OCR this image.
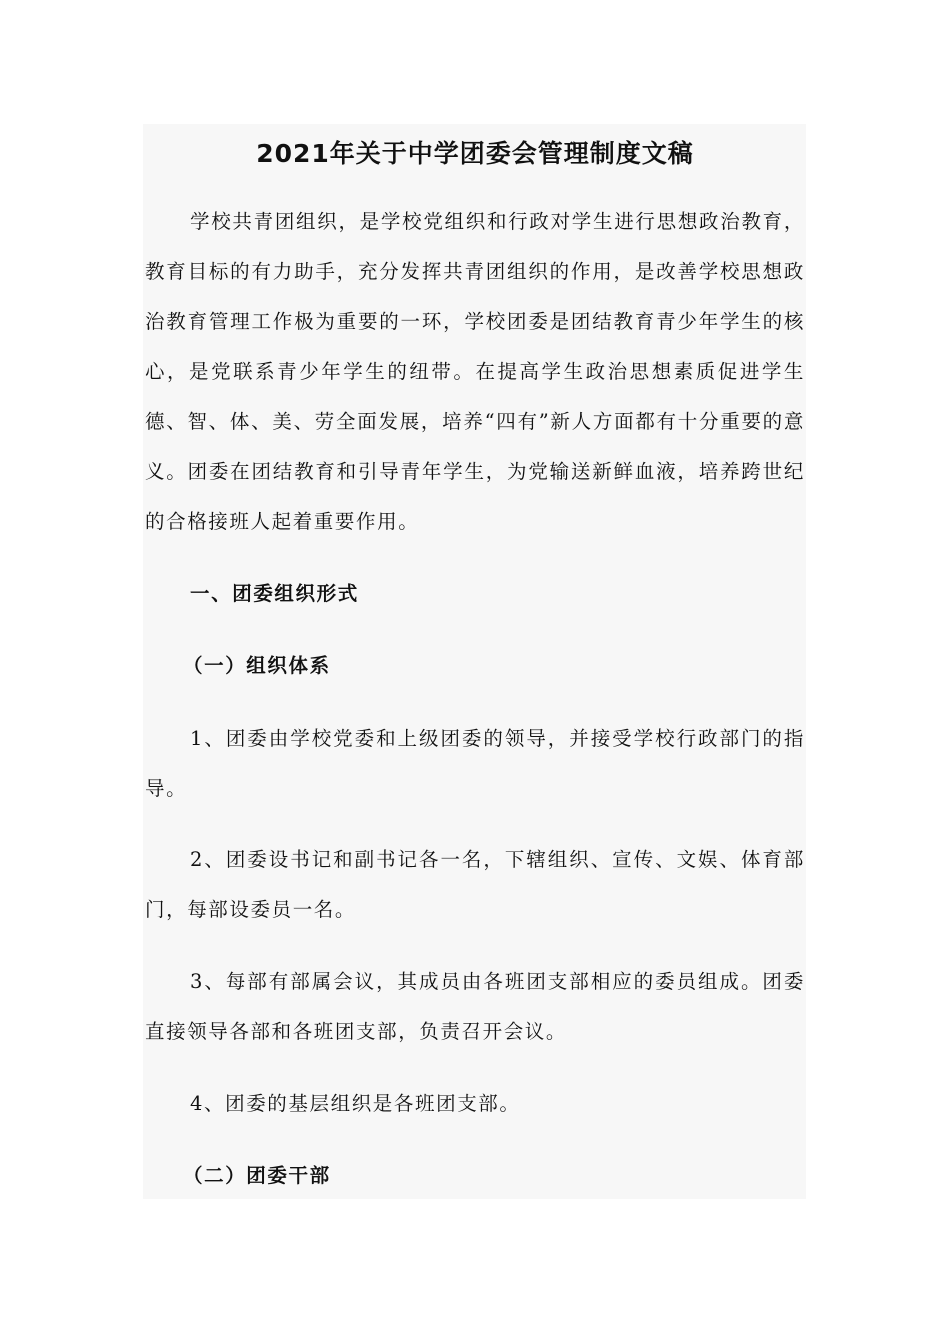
2021年关于中学团委会管理制度文稿

学校共青团组织，是学校党组织和行政对学生进行思想政治教育，教育目标的有力助手，充分发挥共青团组织的作用，是改善学校思想政治教育管理工作极为重要的一环，学校团委是团结教育青少年学生的核心，是党联系青少年学生的纽带。在提高学生政治思想素质促进学生德、智、体、美、劳全面发展，培养“四有”新人方面都有十分重要的意义。团委在团结教育和引导青年学生，为党输送新鲜血液，培养跨世纪的合格接班人起着重要作用。

一、团委组织形式
（一）组织体系

1、团委由学校党委和上级团委的领导，并接受学校行政部门的指导。

2、团委设书记和副书记各一名，下辖组织、宣传、文娱、体育部门，每部设委员一名。

3、每部有部属会议，其成员由各班团支部相应的委员组成。团委直接领导各部和各班团支部，负责召开会议。

4、团委的基层组织是各班团支部。

（二）团委干部
